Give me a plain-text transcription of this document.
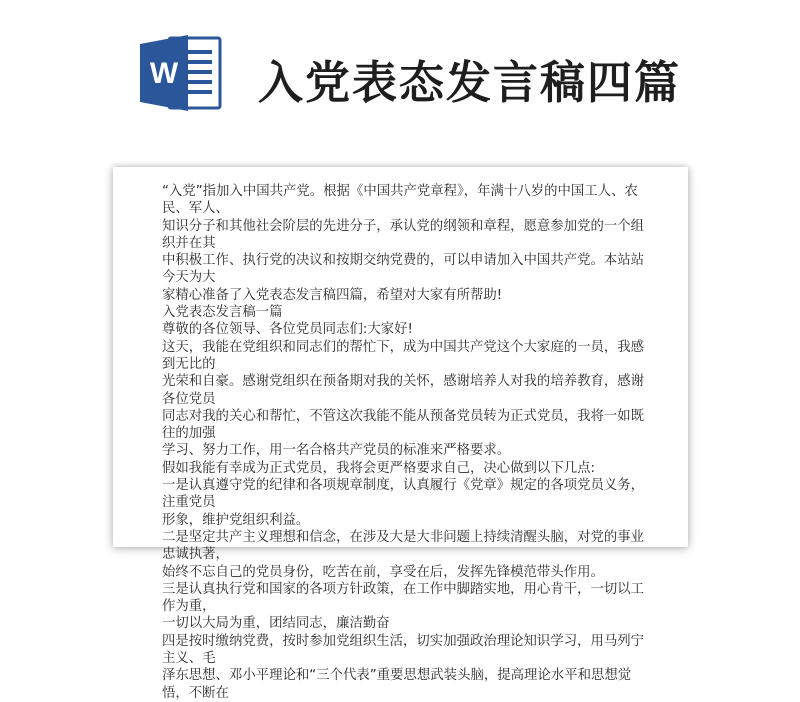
W 入党表态发言稿四篇

“入党”指加入中国共产党。根据《中国共产党章程》，年满十八岁的中国工人、农民、军人、

知识分子和其他社会阶层的先进分子，承认党的纲领和章程，愿意参加党的一个组织并在其

中积极工作、执行党的决议和按期交纳党费的，可以申请加入中国共产党。本站站今天为大

家精心准备了入党表态发言稿四篇，希望对大家有所帮助!

入党表态发言稿一篇

尊敬的各位领导、各位党员同志们:大家好!

这天，我能在党组织和同志们的帮忙下，成为中国共产党这个大家庭的一员，我感到无比的

光荣和自豪。感谢党组织在预备期对我的关怀，感谢培养人对我的培养教育，感谢各位党员

同志对我的关心和帮忙，不管这次我能不能从预备党员转为正式党员，我将一如既往的加强

学习、努力工作，用一名合格共产党员的标准来严格要求。

假如我能有幸成为正式党员，我将会更严格要求自己，决心做到以下几点:

一是认真遵守党的纪律和各项规章制度，认真履行《党章》规定的各项党员义务，注重党员

形象，维护党组织利益。

二是坚定共产主义理想和信念，在涉及大是大非问题上持续清醒头脑，对党的事业忠诚执著，

始终不忘自己的党员身份，吃苦在前，享受在后，发挥先锋模范带头作用。

三是认真执行党和国家的各项方针政策，在工作中脚踏实地，用心肯干，一切以工作为重，

一切以大局为重，团结同志，廉洁勤奋

四是按时缴纳党费，按时参加党组织生活，切实加强政治理论知识学习，用马列宁主义、毛

泽东思想、邓小平理论和“三个代表”重要思想武装头脑，提高理论水平和思想觉悟，不断在
